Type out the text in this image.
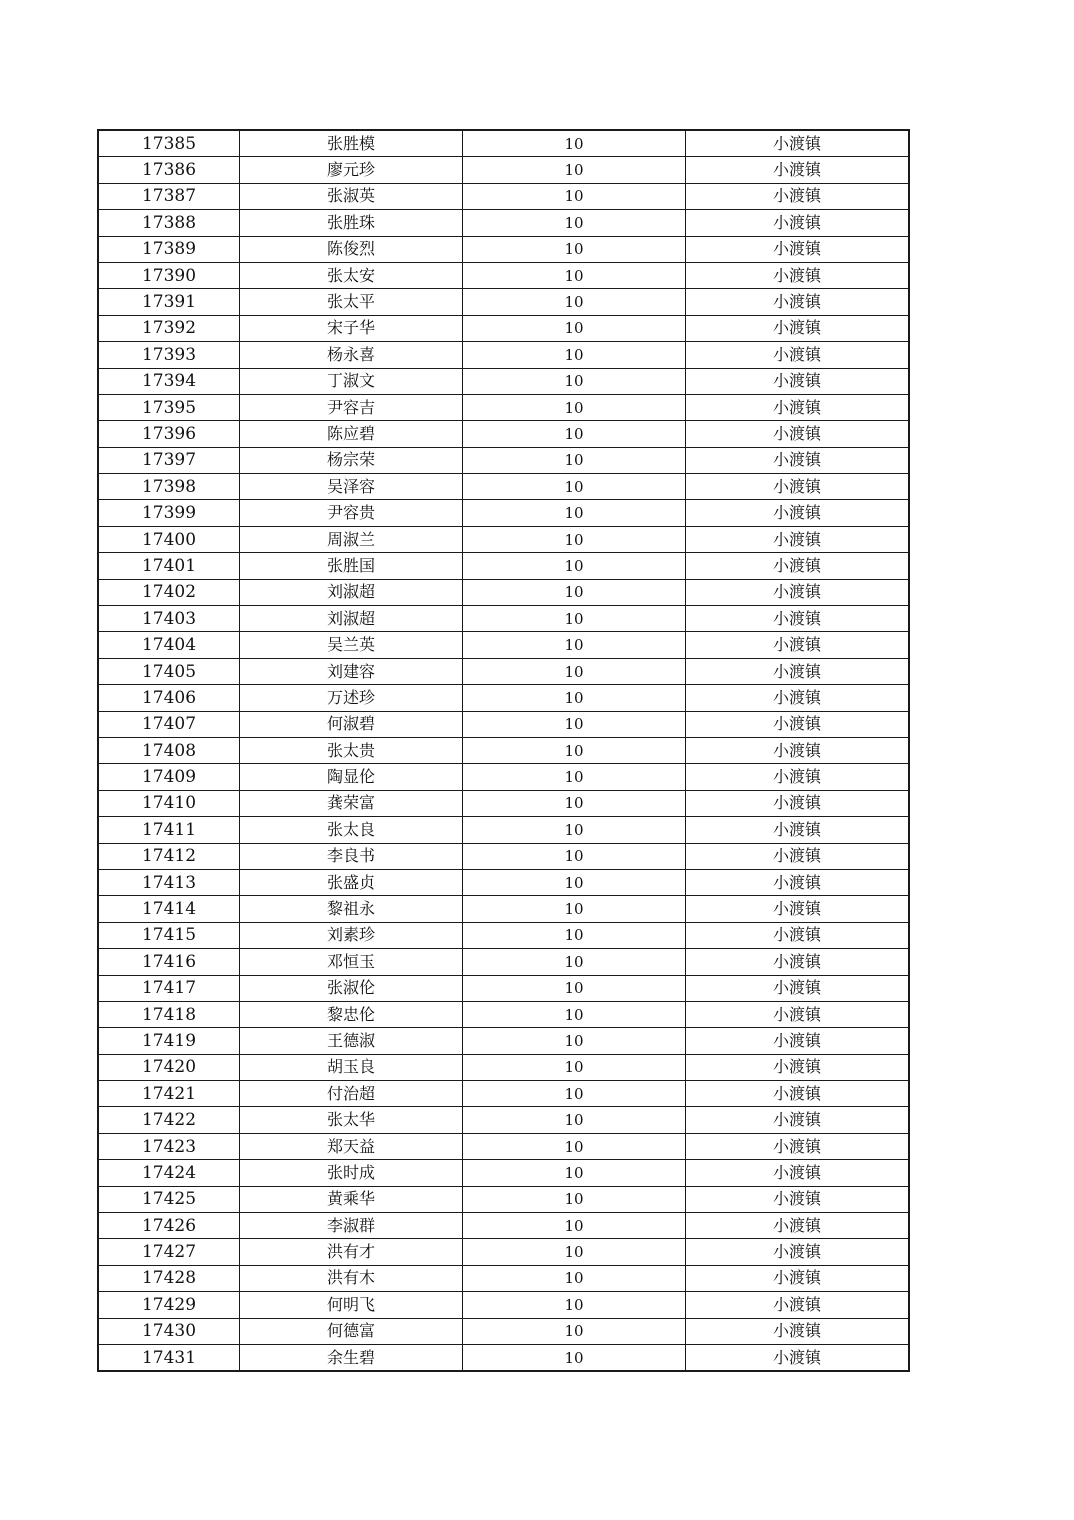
17385	张胜模	10	小渡镇
17386	廖元珍	10	小渡镇
17387	张淑英	10	小渡镇
17388	张胜珠	10	小渡镇
17389	陈俊烈	10	小渡镇
17390	张太安	10	小渡镇
17391	张太平	10	小渡镇
17392	宋子华	10	小渡镇
17393	杨永喜	10	小渡镇
17394	丁淑文	10	小渡镇
17395	尹容吉	10	小渡镇
17396	陈应碧	10	小渡镇
17397	杨宗荣	10	小渡镇
17398	吴泽容	10	小渡镇
17399	尹容贵	10	小渡镇
17400	周淑兰	10	小渡镇
17401	张胜国	10	小渡镇
17402	刘淑超	10	小渡镇
17403	刘淑超	10	小渡镇
17404	吴兰英	10	小渡镇
17405	刘建容	10	小渡镇
17406	万述珍	10	小渡镇
17407	何淑碧	10	小渡镇
17408	张太贵	10	小渡镇
17409	陶显伦	10	小渡镇
17410	龚荣富	10	小渡镇
17411	张太良	10	小渡镇
17412	李良书	10	小渡镇
17413	张盛贞	10	小渡镇
17414	黎祖永	10	小渡镇
17415	刘素珍	10	小渡镇
17416	邓恒玉	10	小渡镇
17417	张淑伦	10	小渡镇
17418	黎忠伦	10	小渡镇
17419	王德淑	10	小渡镇
17420	胡玉良	10	小渡镇
17421	付治超	10	小渡镇
17422	张太华	10	小渡镇
17423	郑天益	10	小渡镇
17424	张时成	10	小渡镇
17425	黄乘华	10	小渡镇
17426	李淑群	10	小渡镇
17427	洪有才	10	小渡镇
17428	洪有木	10	小渡镇
17429	何明飞	10	小渡镇
17430	何德富	10	小渡镇
17431	余生碧	10	小渡镇
